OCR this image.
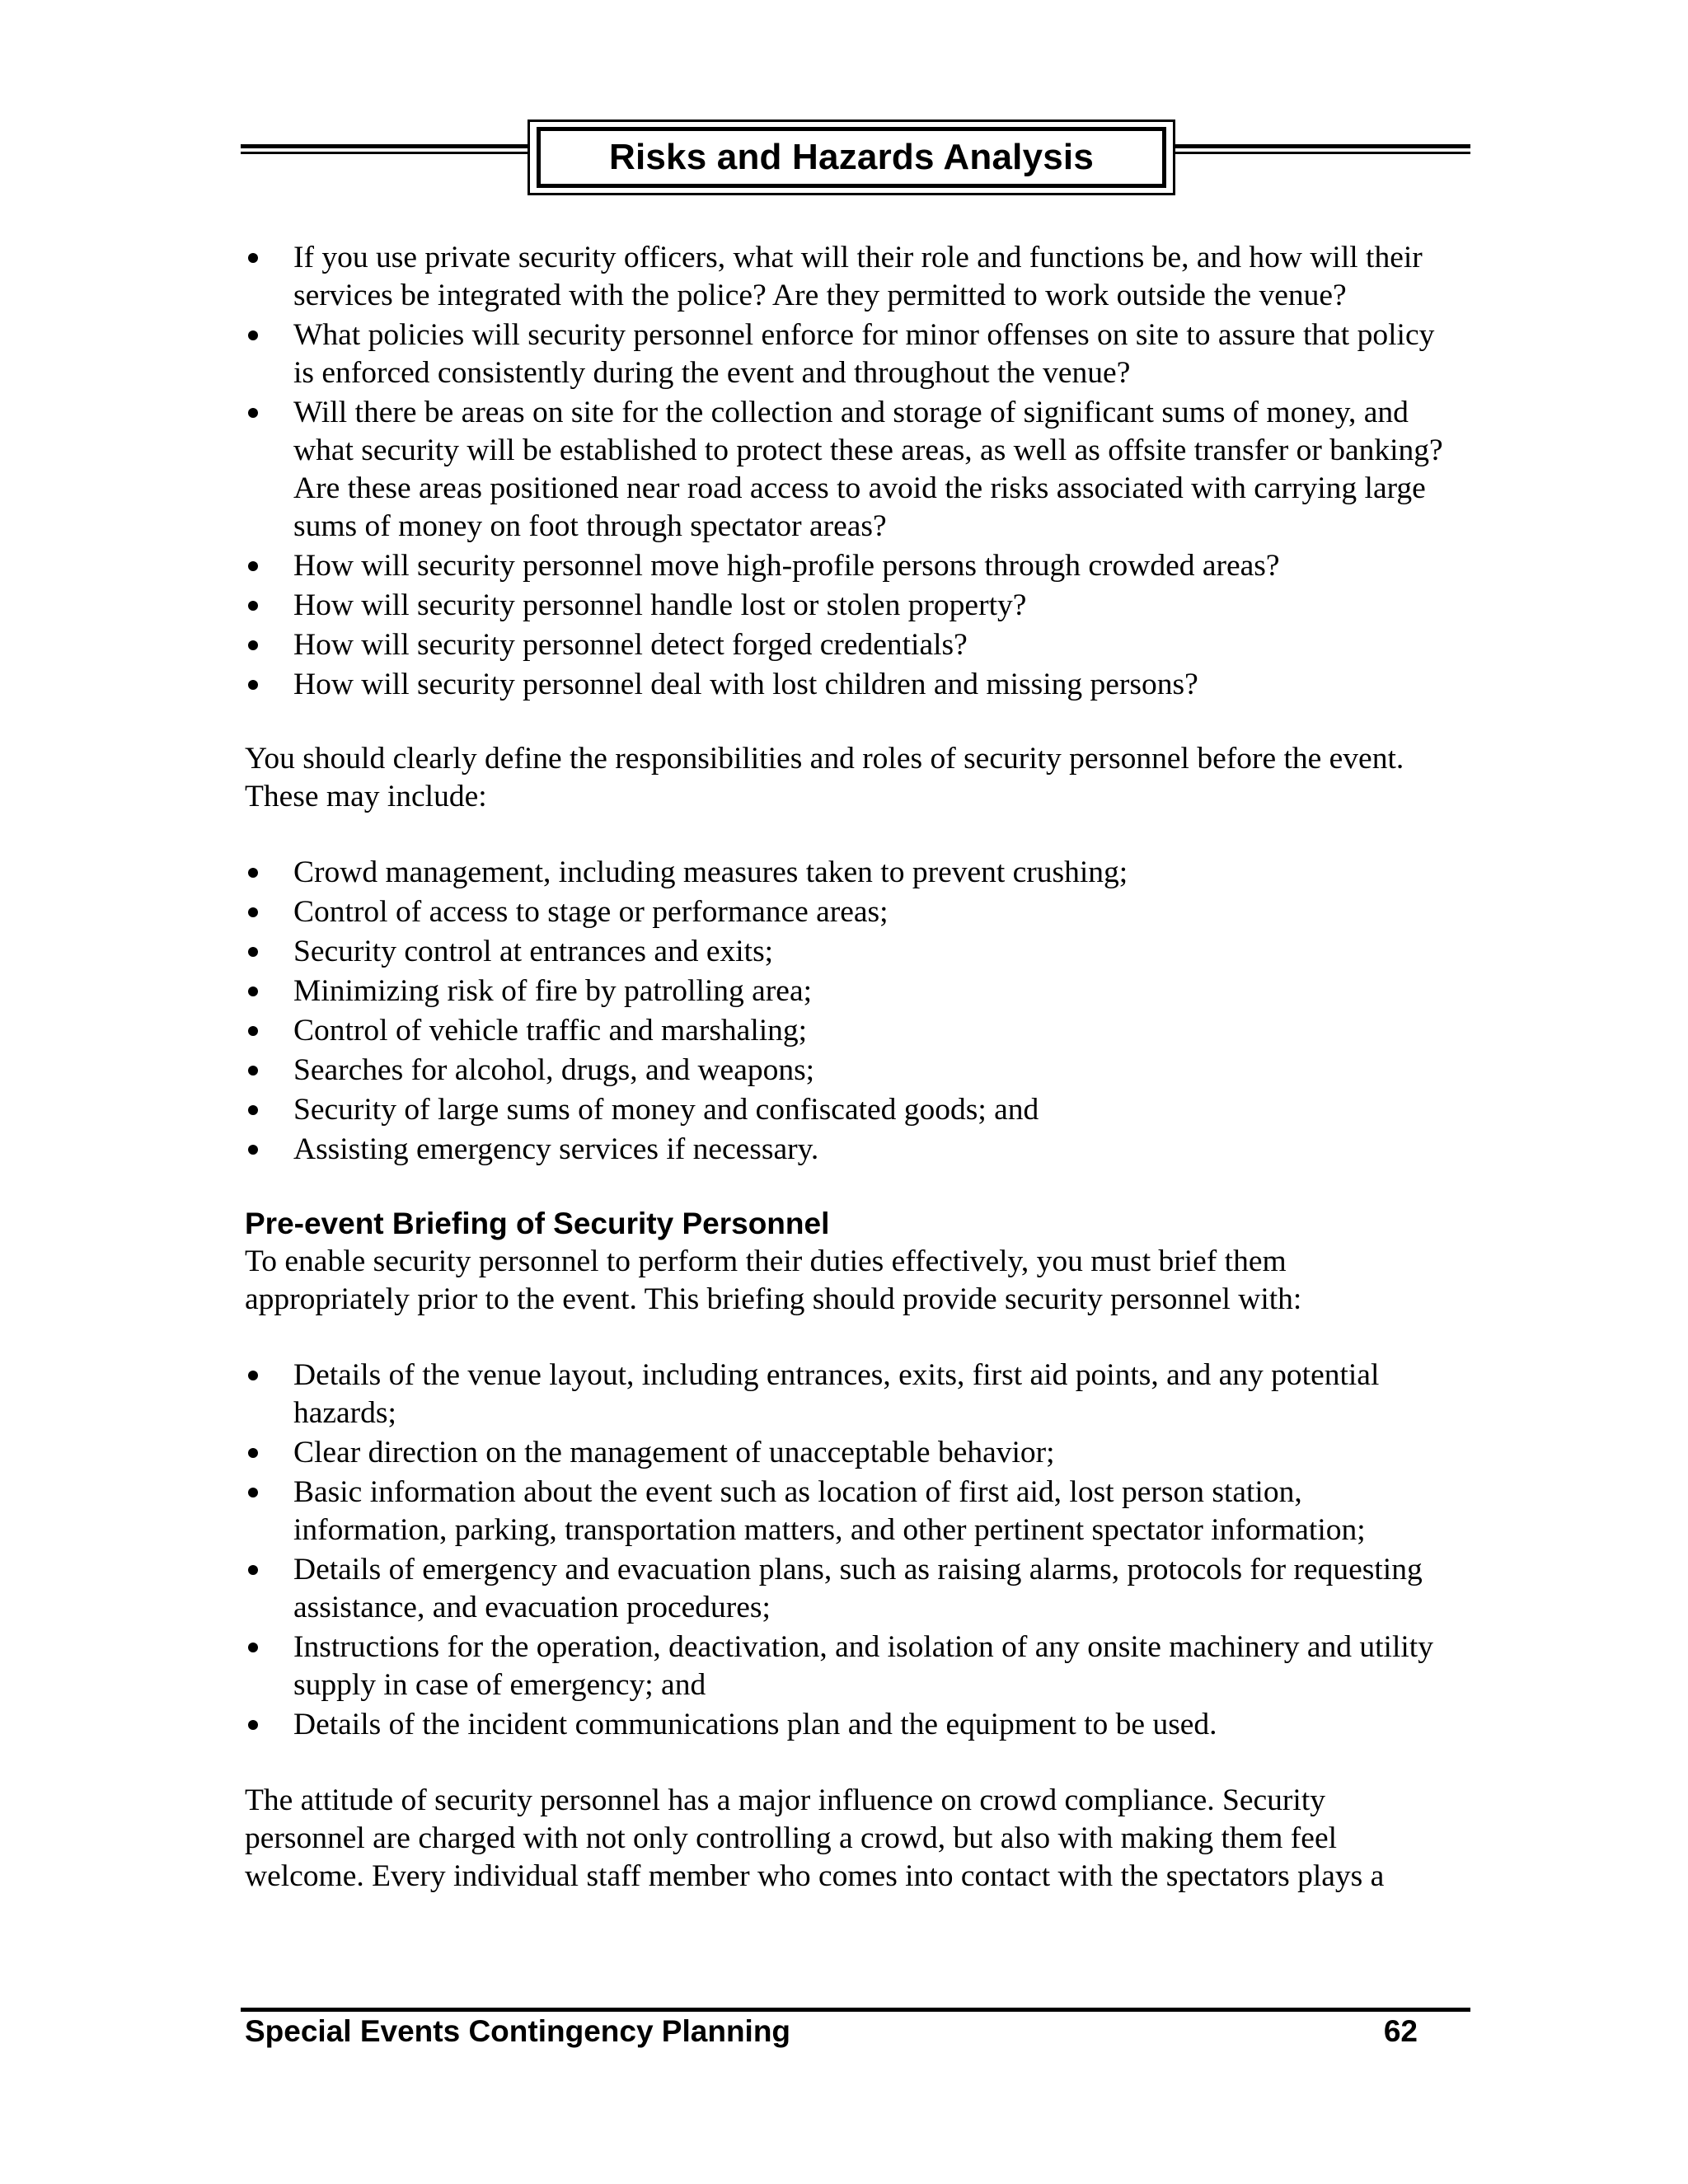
Risks and Hazards Analysis
If you use private security officers, what will their role and functions be, and how will their services be integrated with the police? Are they permitted to work outside the venue?
What policies will security personnel enforce for minor offenses on site to assure that policy is enforced consistently during the event and throughout the venue?
Will there be areas on site for the collection and storage of significant sums of money, and what security will be established to protect these areas, as well as offsite transfer or banking? Are these areas positioned near road access to avoid the risks associated with carrying large sums of money on foot through spectator areas?
How will security personnel move high-profile persons through crowded areas?
How will security personnel handle lost or stolen property?
How will security personnel detect forged credentials?
How will security personnel deal with lost children and missing persons?

You should clearly define the responsibilities and roles of security personnel before the event. These may include:

Crowd management, including measures taken to prevent crushing;
Control of access to stage or performance areas;
Security control at entrances and exits;
Minimizing risk of fire by patrolling area;
Control of vehicle traffic and marshaling;
Searches for alcohol, drugs, and weapons;
Security of large sums of money and confiscated goods; and
Assisting emergency services if necessary.
Pre-event Briefing of Security Personnel

To enable security personnel to perform their duties effectively, you must brief them appropriately prior to the event. This briefing should provide security personnel with:

Details of the venue layout, including entrances, exits, first aid points, and any potential hazards;
Clear direction on the management of unacceptable behavior;
Basic information about the event such as location of first aid, lost person station, information, parking, transportation matters, and other pertinent spectator information;
Details of emergency and evacuation plans, such as raising alarms, protocols for requesting assistance, and evacuation procedures;
Instructions for the operation, deactivation, and isolation of any onsite machinery and utility supply in case of emergency; and
Details of the incident communications plan and the equipment to be used.

The attitude of security personnel has a major influence on crowd compliance. Security personnel are charged with not only controlling a crowd, but also with making them feel welcome. Every individual staff member who comes into contact with the spectators plays a

Special Events Contingency Planning	62
